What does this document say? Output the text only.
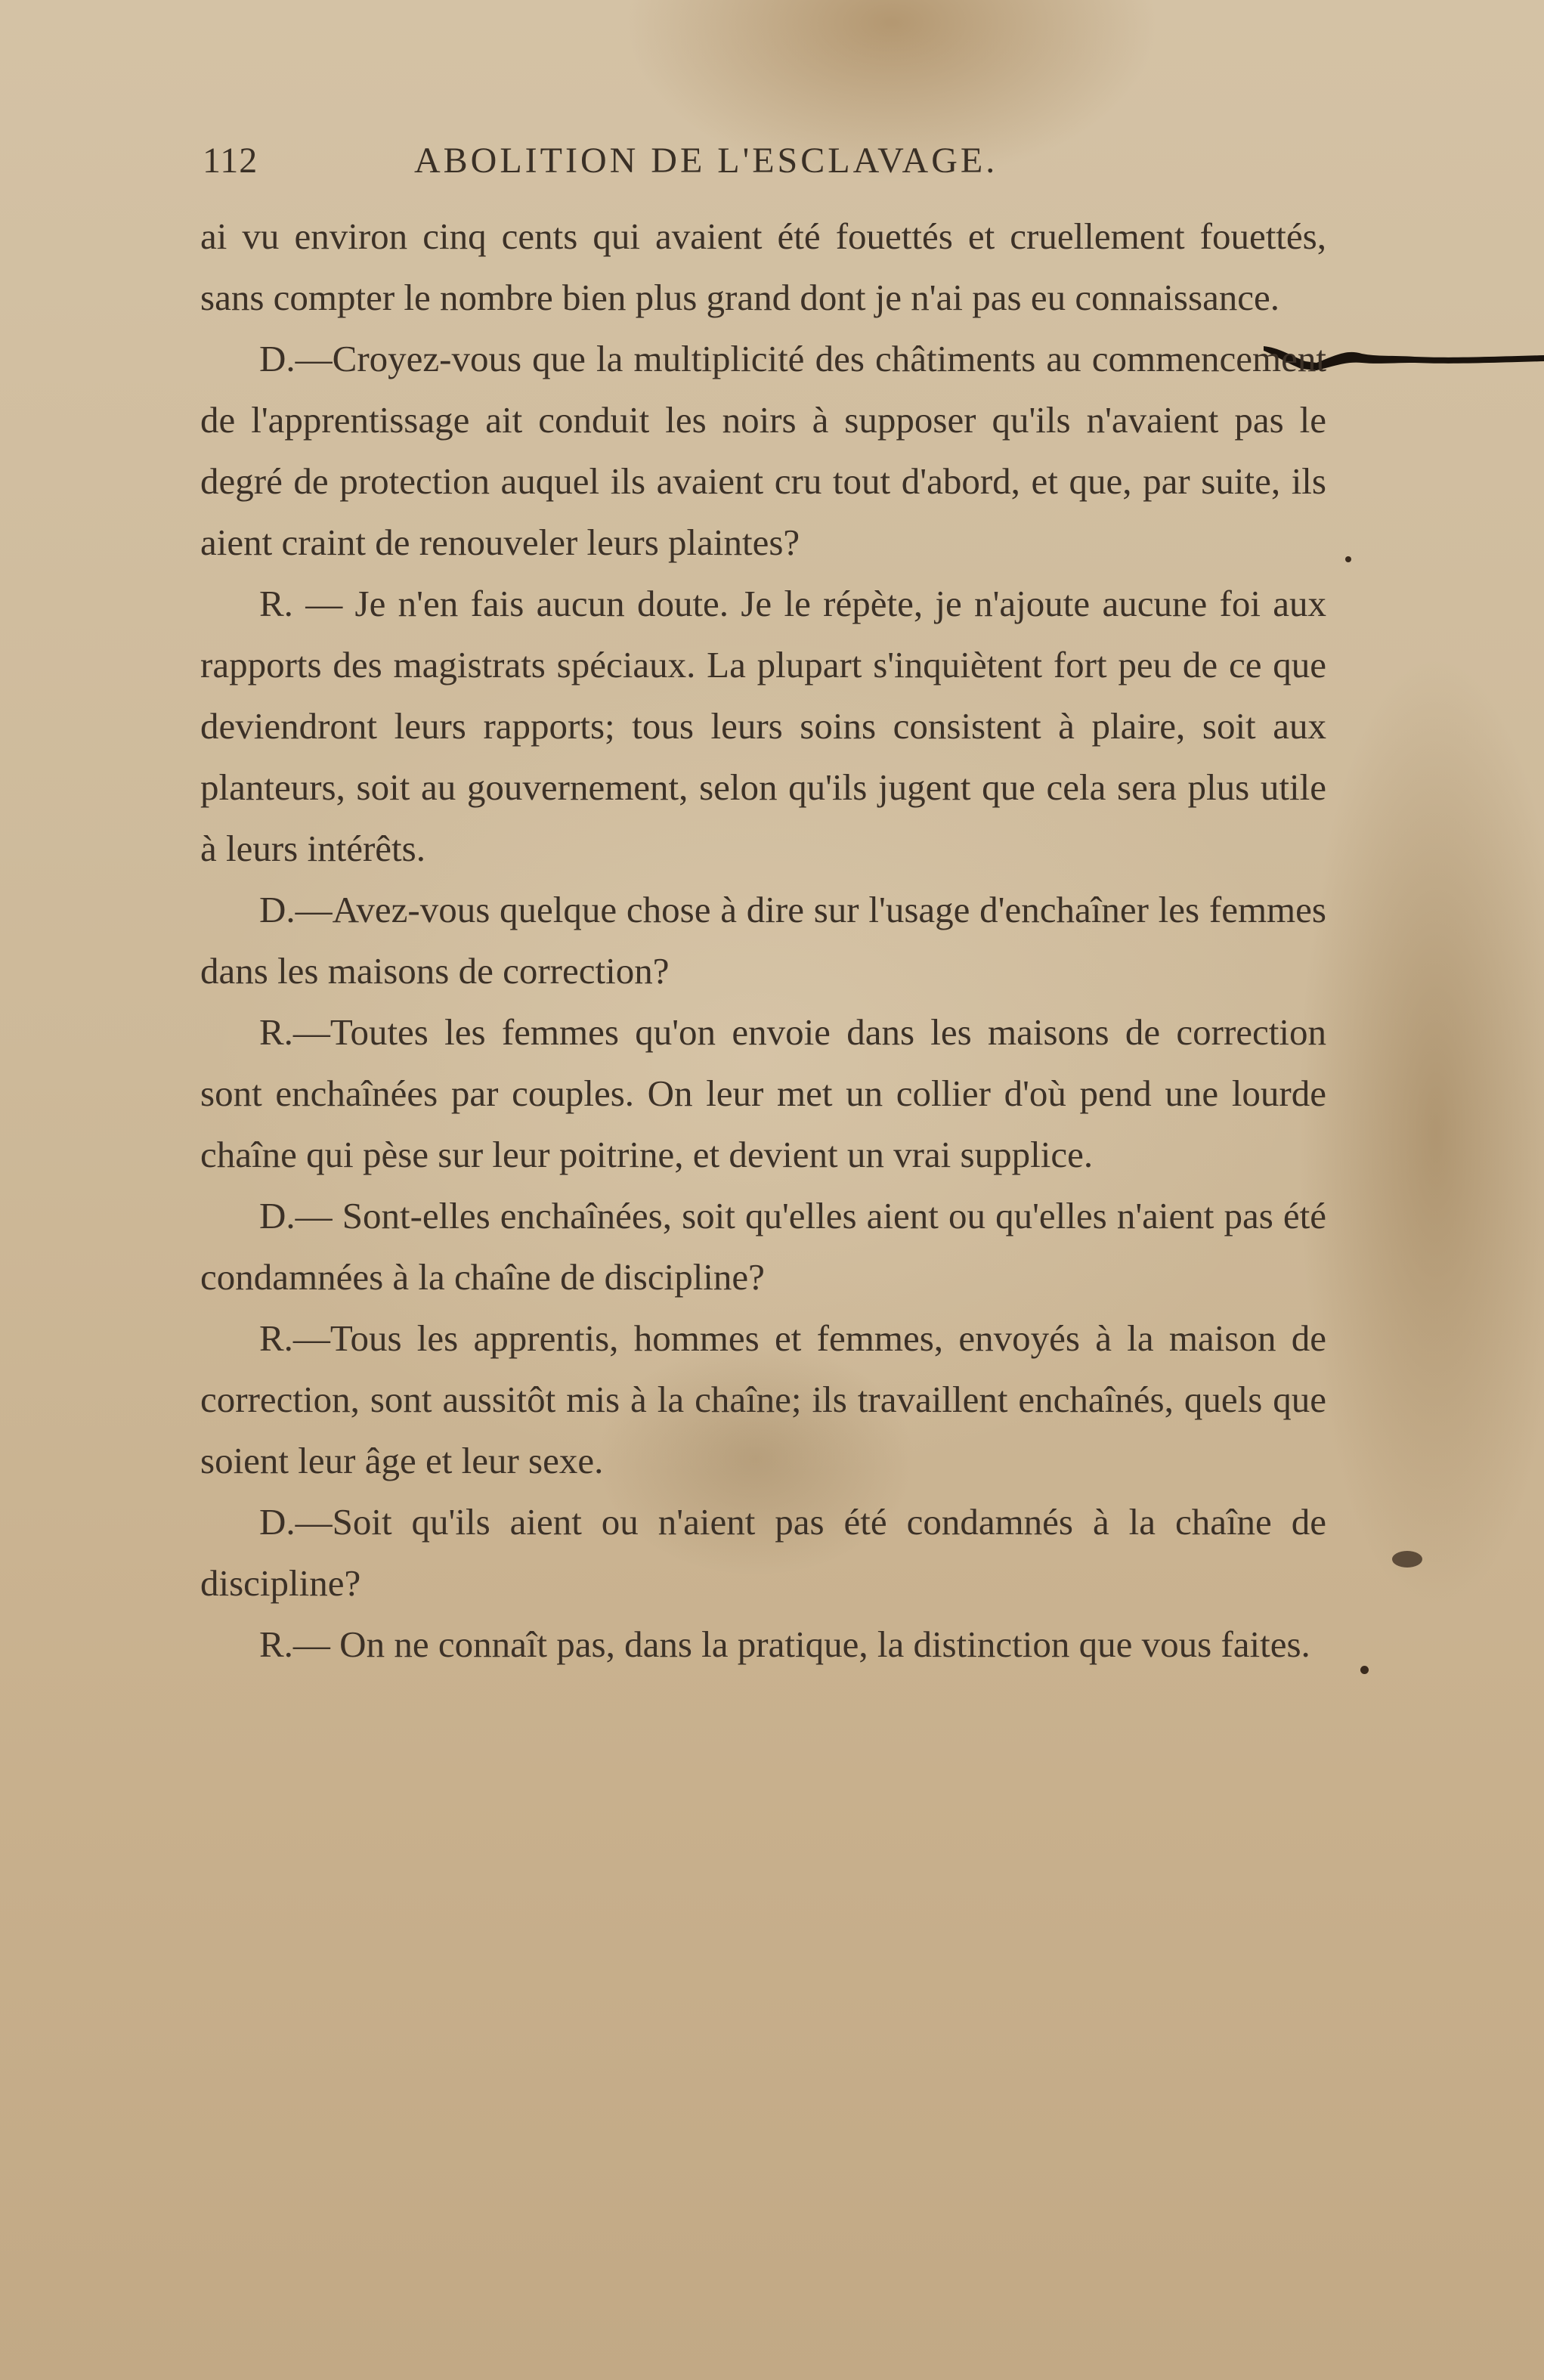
112	ABOLITION DE L'ESCLAVAGE.

ai vu environ cinq cents qui avaient été fouettés et cruellement fouettés, sans compter le nombre bien plus grand dont je n'ai pas eu connaissance.

D.—Croyez-vous que la multiplicité des châtiments au commencement de l'apprentissage ait conduit les noirs à supposer qu'ils n'avaient pas le degré de protection auquel ils avaient cru tout d'abord, et que, par suite, ils aient craint de renouveler leurs plaintes?

R. — Je n'en fais aucun doute. Je le répète, je n'ajoute aucune foi aux rapports des magistrats spéciaux. La plupart s'inquiètent fort peu de ce que deviendront leurs rapports; tous leurs soins consistent à plaire, soit aux planteurs, soit au gouvernement, selon qu'ils jugent que cela sera plus utile à leurs intérêts.

D.—Avez-vous quelque chose à dire sur l'usage d'enchaîner les femmes dans les maisons de correction?

R.—Toutes les femmes qu'on envoie dans les maisons de correction sont enchaînées par couples. On leur met un collier d'où pend une lourde chaîne qui pèse sur leur poitrine, et devient un vrai supplice.

D.— Sont-elles enchaînées, soit qu'elles aient ou qu'elles n'aient pas été condamnées à la chaîne de discipline?

R.—Tous les apprentis, hommes et femmes, envoyés à la maison de correction, sont aussitôt mis à la chaîne; ils travaillent enchaînés, quels que soient leur âge et leur sexe.

D.—Soit qu'ils aient ou n'aient pas été condamnés à la chaîne de discipline?

R.— On ne connaît pas, dans la pratique, la distinction que vous faites.
